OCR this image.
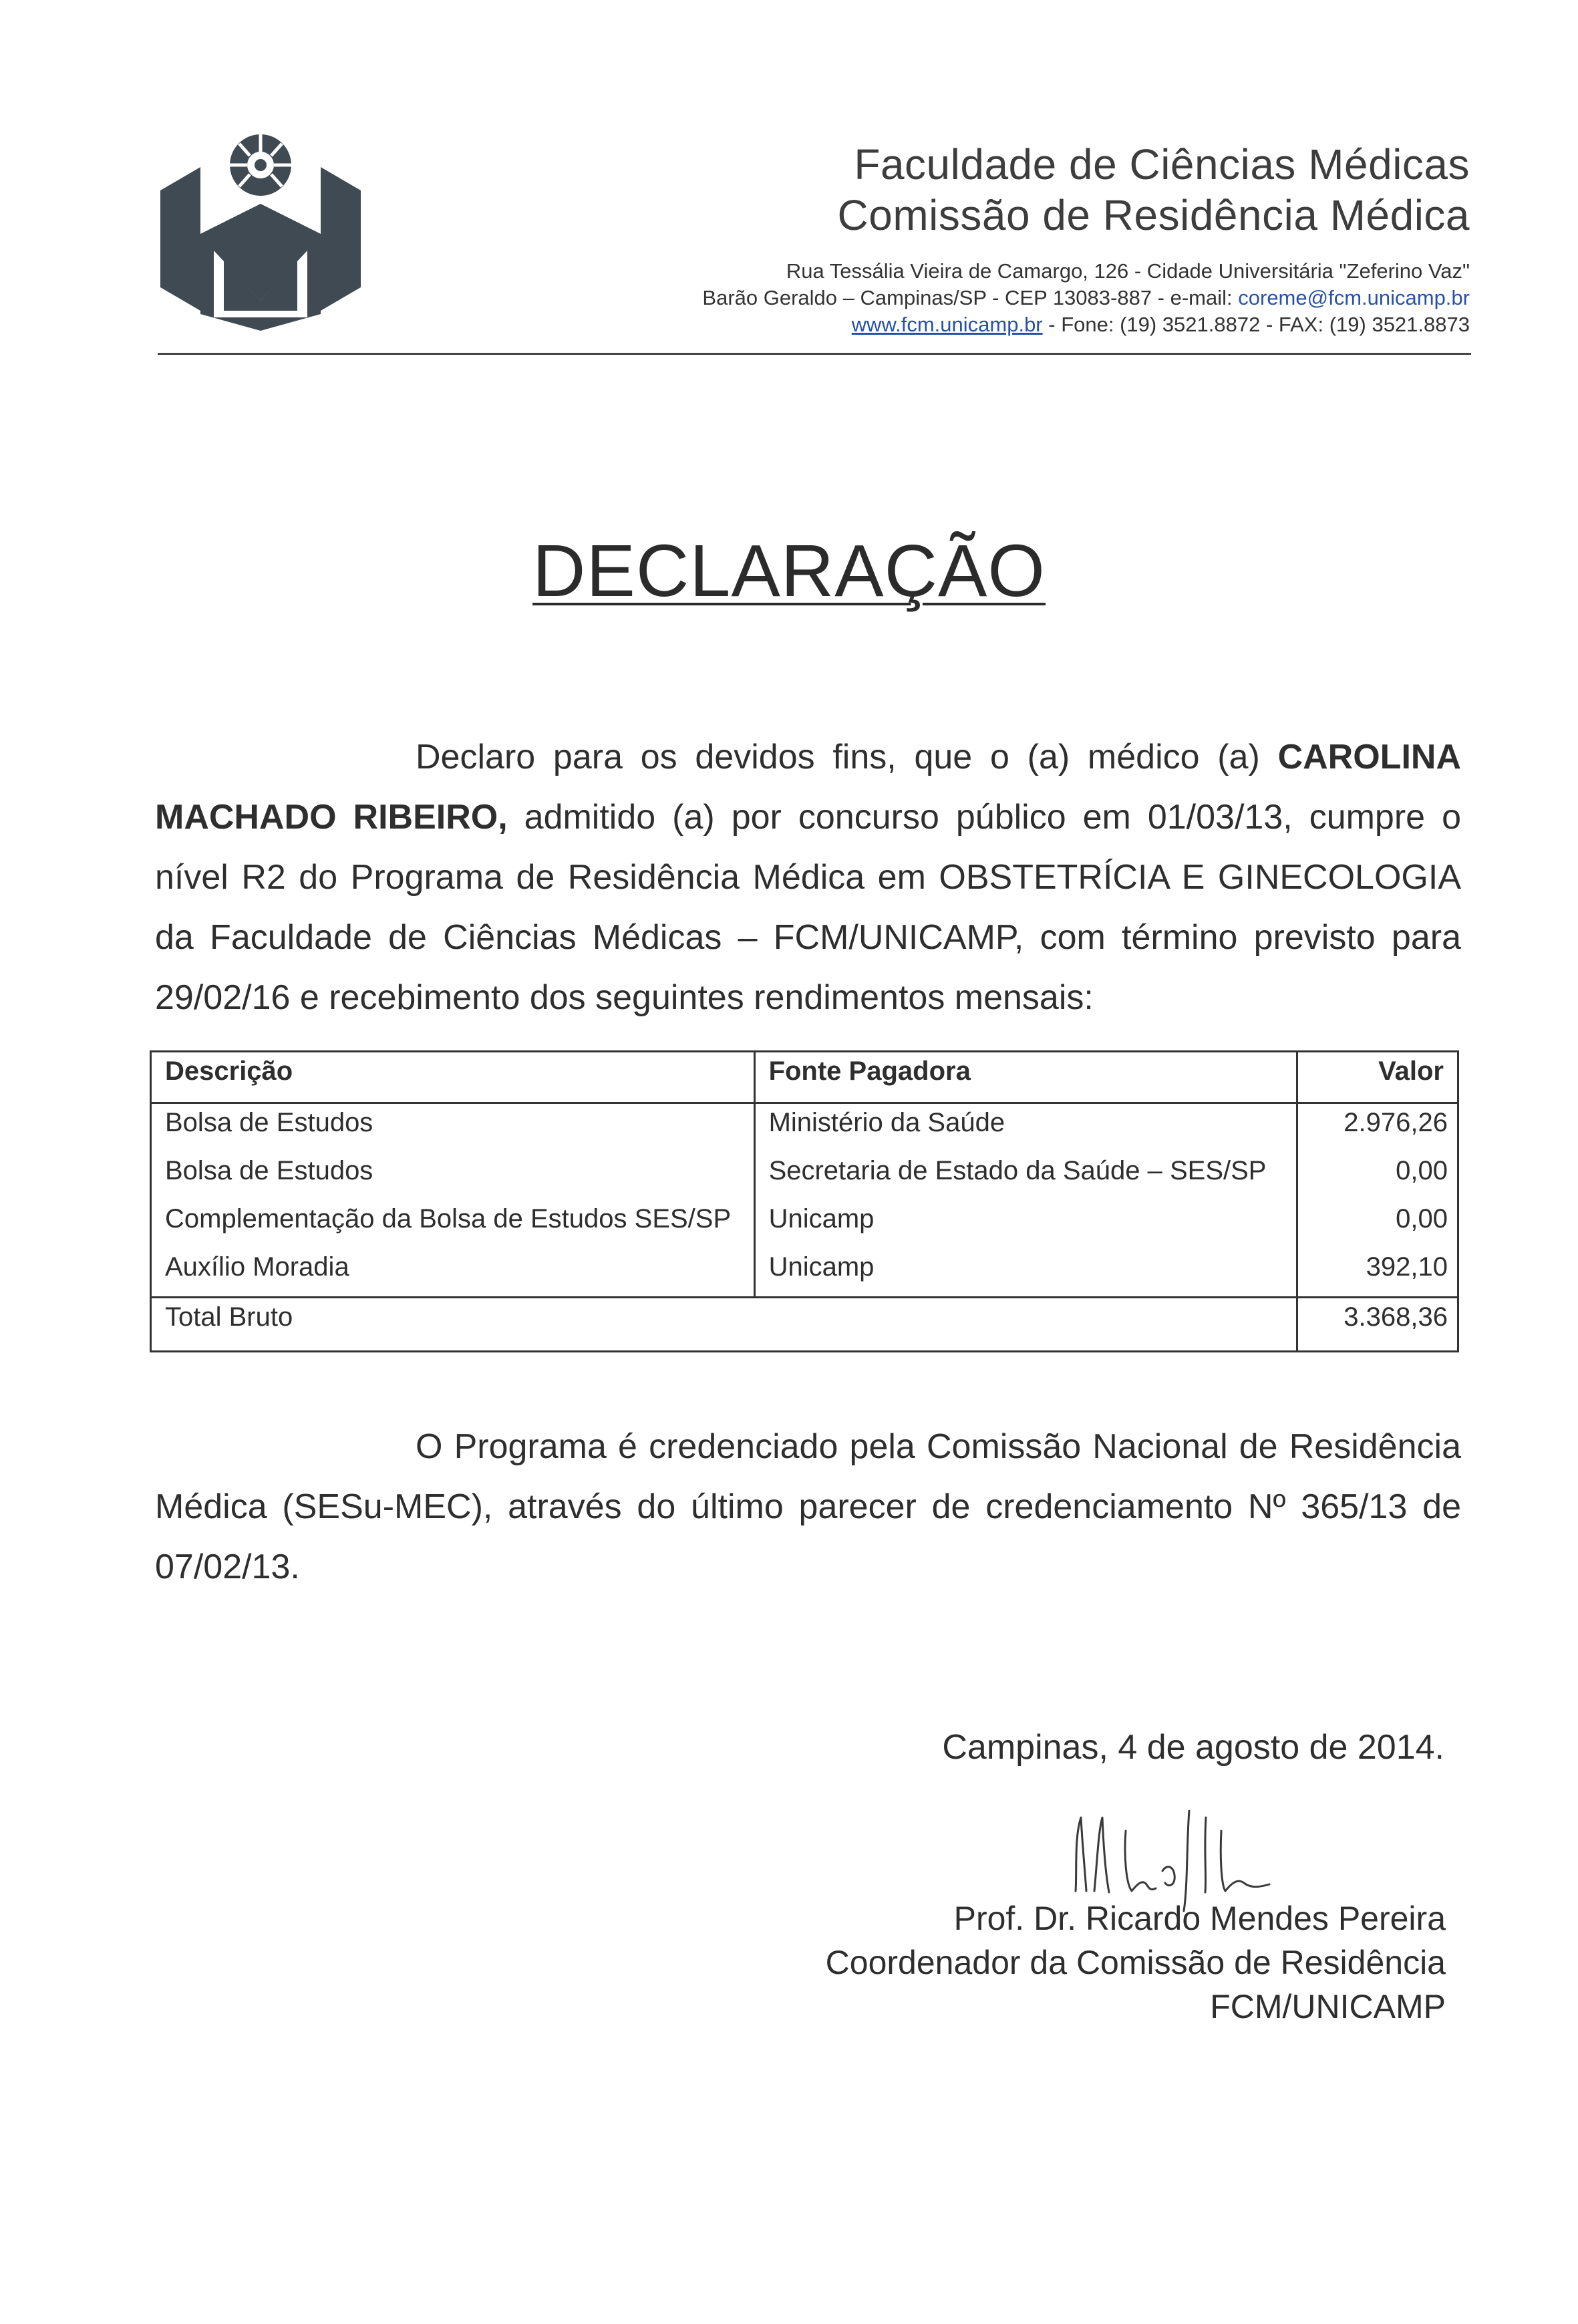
Faculdade de Ciências Médicas
Comissão de Residência Médica
Rua Tessália Vieira de Camargo, 126 - Cidade Universitária "Zeferino Vaz"
Barão Geraldo – Campinas/SP - CEP 13083-887 - e-mail: coreme@fcm.unicamp.br
www.fcm.unicamp.br - Fone: (19) 3521.8872 - FAX: (19) 3521.8873
DECLARAÇÃO
Declaro para os devidos fins, que o (a) médico (a) CAROLINA MACHADO RIBEIRO, admitido (a) por concurso público em 01/03/13, cumpre o nível R2 do Programa de Residência Médica em OBSTETRÍCIA E GINECOLOGIA da Faculdade de Ciências Médicas – FCM/UNICAMP, com término previsto para 29/02/16 e recebimento dos seguintes rendimentos mensais:
Descrição	Fonte Pagadora	Valor
Bolsa de Estudos	Ministério da Saúde	2.976,26
Bolsa de Estudos	Secretaria de Estado da Saúde – SES/SP	0,00
Complementação da Bolsa de Estudos SES/SP	Unicamp	0,00
Auxílio Moradia	Unicamp	392,10
Total Bruto		3.368,36
O Programa é credenciado pela Comissão Nacional de Residência Médica (SESu-MEC), através do último parecer de credenciamento Nº 365/13 de 07/02/13.
Campinas, 4 de agosto de 2014.
Prof. Dr. Ricardo Mendes Pereira
Coordenador da Comissão de Residência
FCM/UNICAMP
